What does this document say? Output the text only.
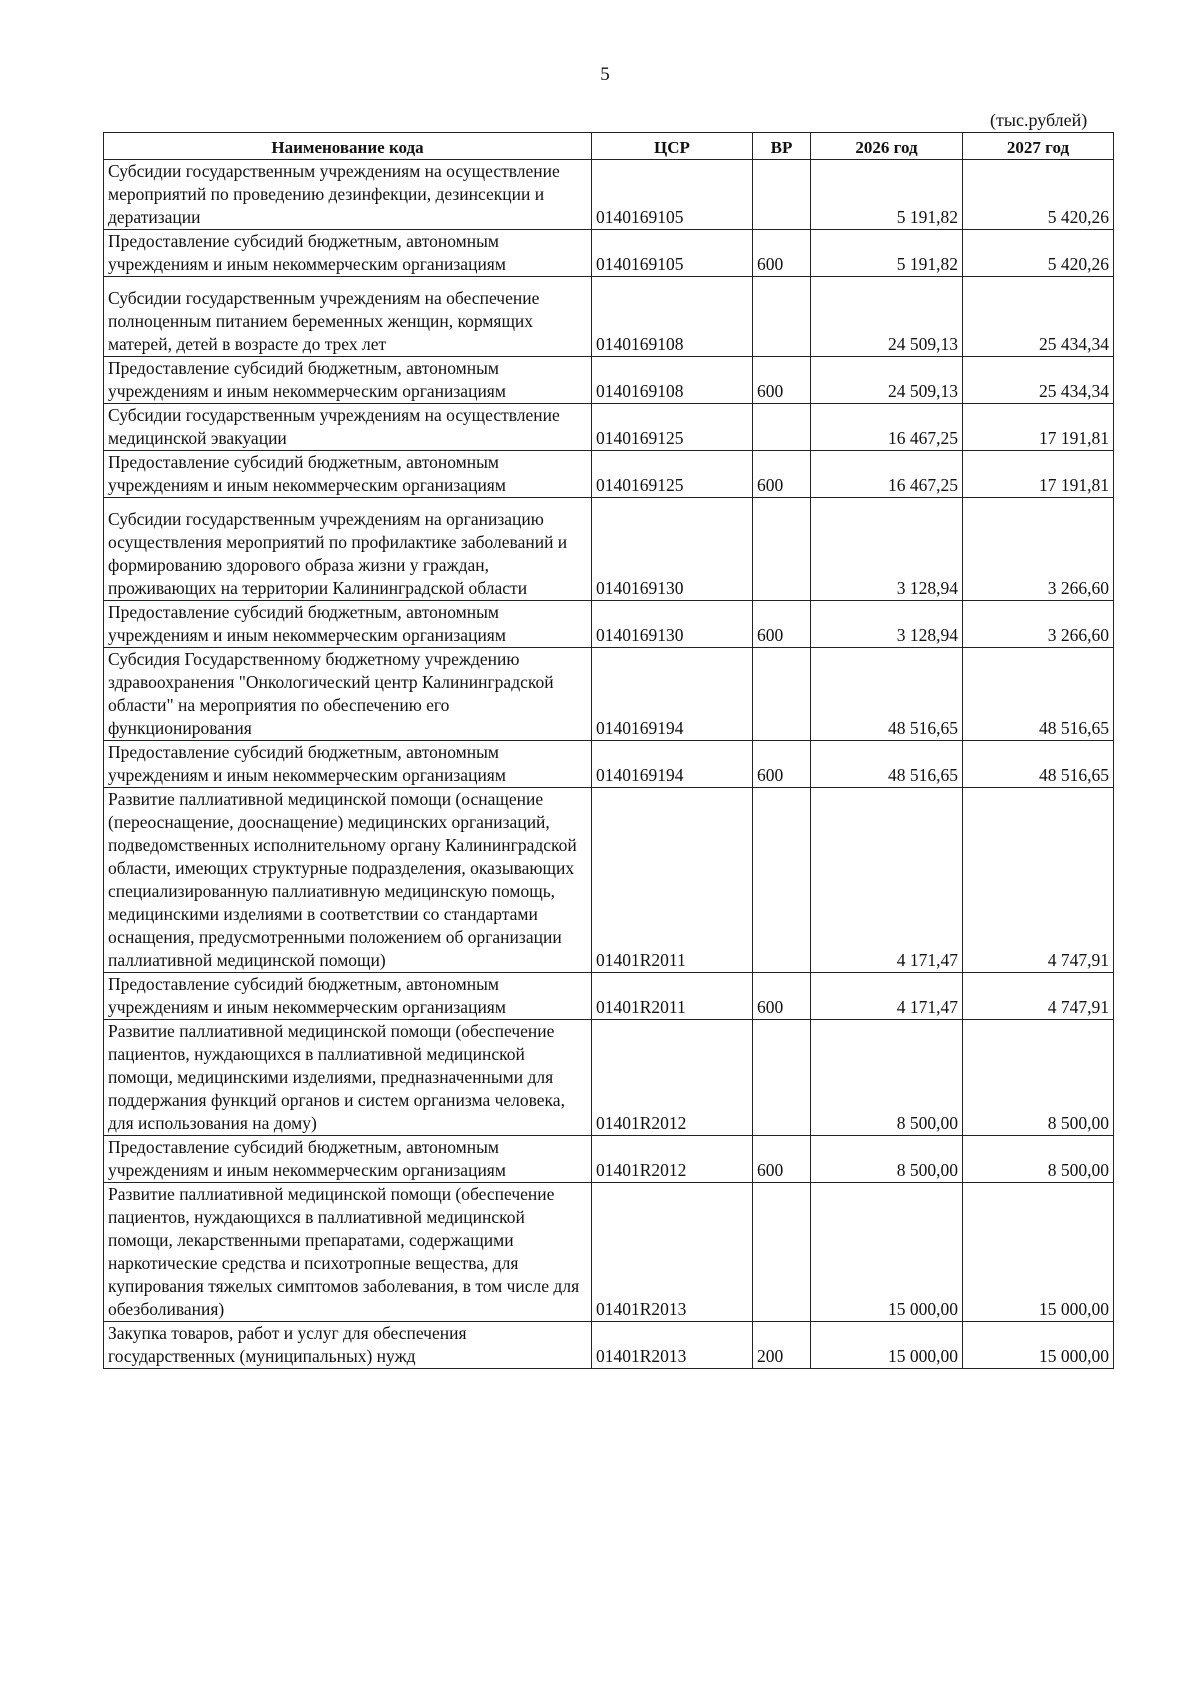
5
(тыс.рублей)
Наименование кода	ЦСР	ВР	2026 год	2027 год
Субсидии государственным учреждениям на осуществление мероприятий по проведению дезинфекции, дезинсекции и дератизации	0140169105		5 191,82	5 420,26
Предоставление субсидий бюджетным, автономным учреждениям и иным некоммерческим организациям	0140169105	600	5 191,82	5 420,26
Субсидии государственным учреждениям на обеспечение полноценным питанием беременных женщин, кормящих матерей, детей в возрасте до трех лет	0140169108		24 509,13	25 434,34
Предоставление субсидий бюджетным, автономным учреждениям и иным некоммерческим организациям	0140169108	600	24 509,13	25 434,34
Субсидии государственным учреждениям на осуществление медицинской эвакуации	0140169125		16 467,25	17 191,81
Предоставление субсидий бюджетным, автономным учреждениям и иным некоммерческим организациям	0140169125	600	16 467,25	17 191,81
Субсидии государственным учреждениям на организацию осуществления мероприятий по профилактике заболеваний и формированию здорового образа жизни у граждан, проживающих на территории Калининградской области	0140169130		3 128,94	3 266,60
Предоставление субсидий бюджетным, автономным учреждениям и иным некоммерческим организациям	0140169130	600	3 128,94	3 266,60
Субсидия Государственному бюджетному учреждению здравоохранения "Онкологический центр Калининградской области" на мероприятия по обеспечению его функционирования	0140169194		48 516,65	48 516,65
Предоставление субсидий бюджетным, автономным учреждениям и иным некоммерческим организациям	0140169194	600	48 516,65	48 516,65
Развитие паллиативной медицинской помощи (оснащение (переоснащение, дооснащение) медицинских организаций, подведомственных исполнительному органу Калининградской области, имеющих структурные подразделения, оказывающих специализированную паллиативную медицинскую помощь, медицинскими изделиями в соответствии со стандартами оснащения, предусмотренными положением об организации паллиативной медицинской помощи)	01401R2011		4 171,47	4 747,91
Предоставление субсидий бюджетным, автономным учреждениям и иным некоммерческим организациям	01401R2011	600	4 171,47	4 747,91
Развитие паллиативной медицинской помощи (обеспечение пациентов, нуждающихся в паллиативной медицинской помощи, медицинскими изделиями, предназначенными для поддержания функций органов и систем организма человека, для использования на дому)	01401R2012		8 500,00	8 500,00
Предоставление субсидий бюджетным, автономным учреждениям и иным некоммерческим организациям	01401R2012	600	8 500,00	8 500,00
Развитие паллиативной медицинской помощи (обеспечение пациентов, нуждающихся в паллиативной медицинской помощи, лекарственными препаратами, содержащими наркотические средства и психотропные вещества, для купирования тяжелых симптомов заболевания, в том числе для обезболивания)	01401R2013		15 000,00	15 000,00
Закупка товаров, работ и услуг для обеспечения государственных (муниципальных) нужд	01401R2013	200	15 000,00	15 000,00
